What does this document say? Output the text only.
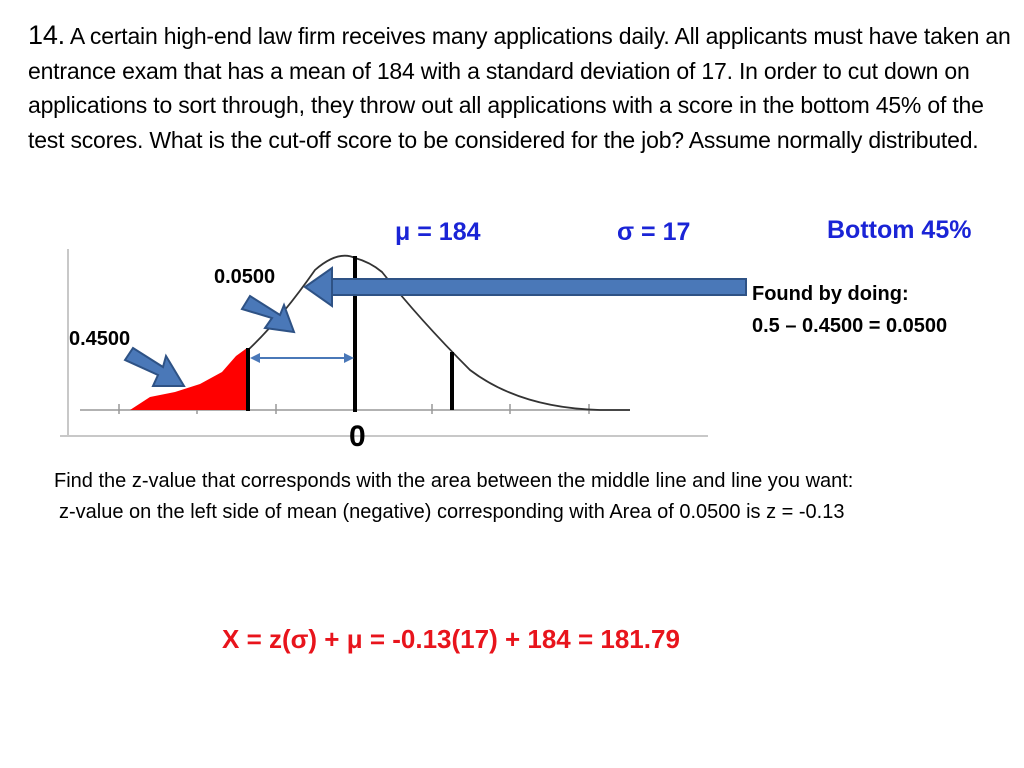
14. A certain high-end law firm receives many applications daily. All applicants must have taken an entrance exam that has a mean of 184 with a standard deviation of 17. In order to cut down on applications to sort through, they throw out all applications with a score in the bottom 45% of the test scores. What is the cut-off score to be considered for the job? Assume normally distributed.
μ = 184	σ = 17	Bottom 45%
0.0500
0.4500
Found by doing:
0.5 – 0.4500 = 0.0500
0
Find the z-value that corresponds with the area between the middle line and line you want:
z-value on the left side of mean (negative) corresponding with Area of 0.0500 is z = -0.13
X = z(σ) + μ = -0.13(17) + 184 = 181.79
